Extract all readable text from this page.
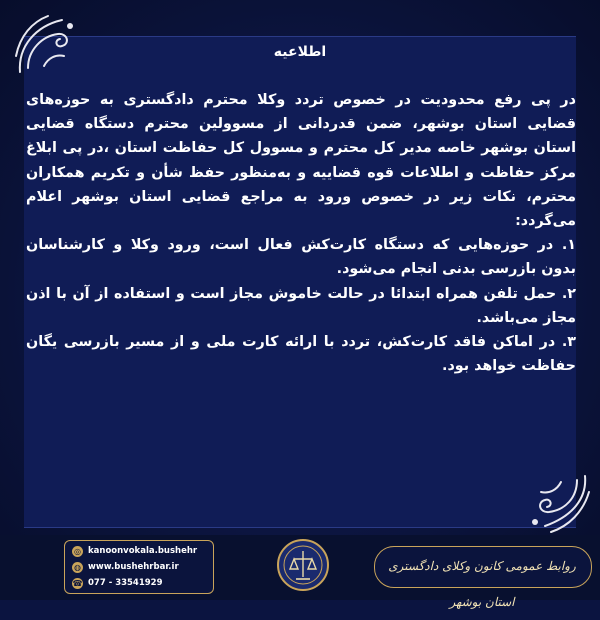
اطلاعیه

در پی رفع محدودیت در خصوص تردد وکلا محترم دادگستری به حوزه‌های قضایی استان بوشهر، ضمن قدردانی از مسوولین محترم دستگاه قضایی استان بوشهر خاصه مدیر کل محترم و مسوول کل حفاظت استان ،در پی ابلاغ مرکز حفاظت و اطلاعات قوه قضاییه و به‌منظور حفظ شأن و تکریم همکاران محترم، نکات زیر در خصوص ورود به مراجع قضایی استان بوشهر اعلام می‌گردد:

۱. در حوزه‌هایی که دستگاه کارت‌کش فعال است، ورود وکلا و کارشناسان بدون بازرسی بدنی انجام می‌شود.

۲. حمل تلفن همراه ابتدائا در حالت خاموش مجاز است و استفاده از آن با اذن مجاز می‌باشد.

۳. در اماکن فاقد کارت‌کش، تردد با ارائه کارت ملی و از مسیر بازرسی یگان حفاظت خواهد بود.

◎ kanoonvokala.bushehr
◍ www.bushehrbar.ir
☎ 077 - 33541929
روابط عمومی کانون وکلای دادگستری استان بوشهر
